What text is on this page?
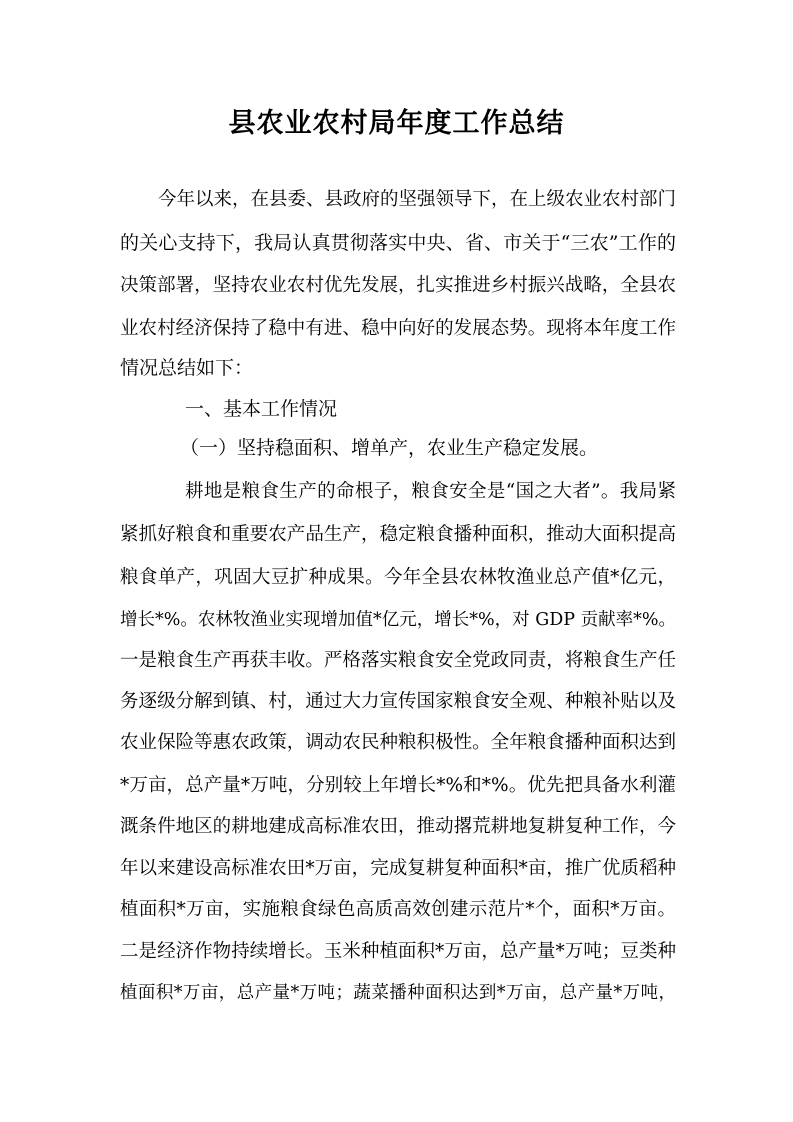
县农业农村局年度工作总结

今年以来，在县委、县政府的坚强领导下，在上级农业农村部门

的关心支持下，我局认真贯彻落实中央、省、市关于“三农”工作的

决策部署，坚持农业农村优先发展，扎实推进乡村振兴战略，全县农

业农村经济保持了稳中有进、稳中向好的发展态势。现将本年度工作

情况总结如下：

一、基本工作情况

（一）坚持稳面积、增单产，农业生产稳定发展。

耕地是粮食生产的命根子，粮食安全是“国之大者”。我局紧

紧抓好粮食和重要农产品生产，稳定粮食播种面积，推动大面积提高

粮食单产，巩固大豆扩种成果。今年全县农林牧渔业总产值*亿元，

增长*%。农林牧渔业实现增加值*亿元，增长*%，对 GDP 贡献率*%。

一是粮食生产再获丰收。严格落实粮食安全党政同责，将粮食生产任

务逐级分解到镇、村，通过大力宣传国家粮食安全观、种粮补贴以及

农业保险等惠农政策，调动农民种粮积极性。全年粮食播种面积达到

*万亩，总产量*万吨，分别较上年增长*%和*%。优先把具备水利灌

溉条件地区的耕地建成高标准农田，推动撂荒耕地复耕复种工作，今

年以来建设高标准农田*万亩，完成复耕复种面积*亩，推广优质稻种

植面积*万亩，实施粮食绿色高质高效创建示范片*个，面积*万亩。

二是经济作物持续增长。玉米种植面积*万亩，总产量*万吨；豆类种

植面积*万亩，总产量*万吨；蔬菜播种面积达到*万亩，总产量*万吨，
